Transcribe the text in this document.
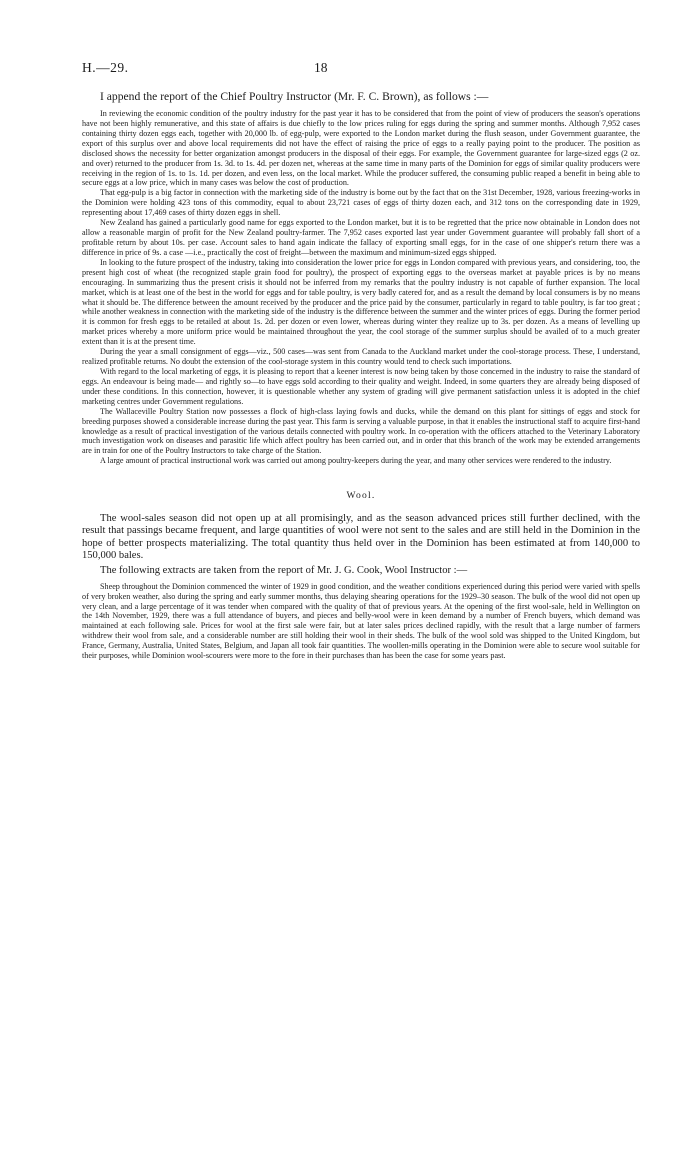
H.—29.	18

I append the report of the Chief Poultry Instructor (Mr. F. C. Brown), as follows :—

In reviewing the economic condition of the poultry industry for the past year it has to be considered that from the point of view of producers the season's operations have not been highly remunerative, and this state of affairs is due chiefly to the low prices ruling for eggs during the spring and summer months. Although 7,952 cases containing thirty dozen eggs each, together with 20,000 lb. of egg-pulp, were exported to the London market during the flush season, under Government guarantee, the export of this surplus over and above local requirements did not have the effect of raising the price of eggs to a really paying point to the producer. The position as disclosed shows the necessity for better organization amongst producers in the disposal of their eggs. For example, the Government guarantee for large-sized eggs (2 oz. and over) returned to the producer from 1s. 3d. to 1s. 4d. per dozen net, whereas at the same time in many parts of the Dominion for eggs of similar quality producers were receiving in the region of 1s. to 1s. 1d. per dozen, and even less, on the local market. While the producer suffered, the consuming public reaped a benefit in being able to secure eggs at a low price, which in many cases was below the cost of production.

That egg-pulp is a big factor in connection with the marketing side of the industry is borne out by the fact that on the 31st December, 1928, various freezing-works in the Dominion were holding 423 tons of this commodity, equal to about 23,721 cases of eggs of thirty dozen each, and 312 tons on the corresponding date in 1929, representing about 17,469 cases of thirty dozen eggs in shell.

New Zealand has gained a particularly good name for eggs exported to the London market, but it is to be regretted that the price now obtainable in London does not allow a reasonable margin of profit for the New Zealand poultry-farmer. The 7,952 cases exported last year under Government guarantee will probably fall short of a profitable return by about 10s. per case. Account sales to hand again indicate the fallacy of exporting small eggs, for in the case of one shipper's return there was a difference in price of 9s. a case —i.e., practically the cost of freight—between the maximum and minimum-sized eggs shipped.

In looking to the future prospect of the industry, taking into consideration the lower price for eggs in London compared with previous years, and considering, too, the present high cost of wheat (the recognized staple grain food for poultry), the prospect of exporting eggs to the overseas market at payable prices is by no means encouraging. In summarizing thus the present crisis it should not be inferred from my remarks that the poultry industry is not capable of further expansion. The local market, which is at least one of the best in the world for eggs and for table poultry, is very badly catered for, and as a result the demand by local consumers is by no means what it should be. The difference between the amount received by the producer and the price paid by the consumer, particularly in regard to table poultry, is far too great ; while another weakness in connection with the marketing side of the industry is the difference between the summer and the winter prices of eggs. During the former period it is common for fresh eggs to be retailed at about 1s. 2d. per dozen or even lower, whereas during winter they realize up to 3s. per dozen. As a means of levelling up market prices whereby a more uniform price would be maintained throughout the year, the cool storage of the summer surplus should be availed of to a much greater extent than it is at the present time.

During the year a small consignment of eggs—viz., 500 cases—was sent from Canada to the Auckland market under the cool-storage process. These, I understand, realized profitable returns. No doubt the extension of the cool-storage system in this country would tend to check such importations.

With regard to the local marketing of eggs, it is pleasing to report that a keener interest is now being taken by those concerned in the industry to raise the standard of eggs. An endeavour is being made— and rightly so—to have eggs sold according to their quality and weight. Indeed, in some quarters they are already being disposed of under these conditions. In this connection, however, it is questionable whether any system of grading will give permanent satisfaction unless it is adopted in the chief marketing centres under Government regulations.

The Wallaceville Poultry Station now possesses a flock of high-class laying fowls and ducks, while the demand on this plant for sittings of eggs and stock for breeding purposes showed a considerable increase during the past year. This farm is serving a valuable purpose, in that it enables the instructional staff to acquire first-hand knowledge as a result of practical investigation of the various details connected with poultry work. In co-operation with the officers attached to the Veterinary Laboratory much investigation work on diseases and parasitic life which affect poultry has been carried out, and in order that this branch of the work may be extended arrangements are in train for one of the Poultry Instructors to take charge of the Station.

A large amount of practical instructional work was carried out among poultry-keepers during the year, and many other services were rendered to the industry.

Wool.

The wool-sales season did not open up at all promisingly, and as the season advanced prices still further declined, with the result that passings became frequent, and large quantities of wool were not sent to the sales and are still held in the Dominion in the hope of better prospects materializing. The total quantity thus held over in the Dominion has been estimated at from 140,000 to 150,000 bales.

The following extracts are taken from the report of Mr. J. G. Cook, Wool Instructor :—

Sheep throughout the Dominion commenced the winter of 1929 in good condition, and the weather conditions experienced during this period were varied with spells of very broken weather, also during the spring and early summer months, thus delaying shearing operations for the 1929–30 season. The bulk of the wool did not open up very clean, and a large percentage of it was tender when compared with the quality of that of previous years. At the opening of the first wool-sale, held in Wellington on the 14th November, 1929, there was a full attendance of buyers, and pieces and belly-wool were in keen demand by a number of French buyers, which demand was maintained at each following sale. Prices for wool at the first sale were fair, but at later sales prices declined rapidly, with the result that a large number of farmers withdrew their wool from sale, and a considerable number are still holding their wool in their sheds. The bulk of the wool sold was shipped to the United Kingdom, but France, Germany, Australia, United States, Belgium, and Japan all took fair quantities. The woollen-mills operating in the Dominion were able to secure wool suitable for their purposes, while Dominion wool-scourers were more to the fore in their purchases than has been the case for some years past.
